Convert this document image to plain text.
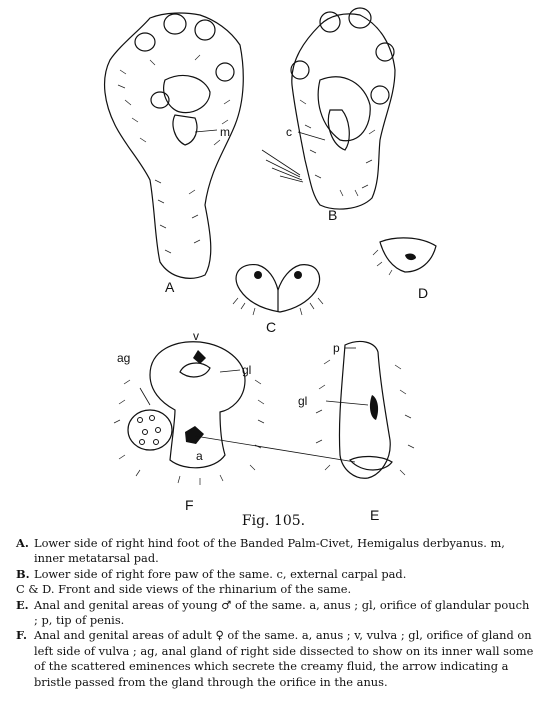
A
B
C
D
F
E
m	c
v
gl
ag
a
p
gl
Fig. 105.
A. Lower side of right hind foot of the Banded Palm-Civet, Hemigalus derbyanus. m, inner metatarsal pad.
B. Lower side of right fore paw of the same. c, external carpal pad.
C & D. Front and side views of the rhinarium of the same.
E. Anal and genital areas of young ♂ of the same. a, anus ; gl, orifice of glandular pouch ; p, tip of penis.
F. Anal and genital areas of adult ♀ of the same. a, anus ; v, vulva ; gl, orifice of gland on left side of vulva ; ag, anal gland of right side dissected to show on its inner wall some of the scattered eminences which secrete the creamy fluid, the arrow indicating a bristle passed from the gland through the orifice in the anus.
